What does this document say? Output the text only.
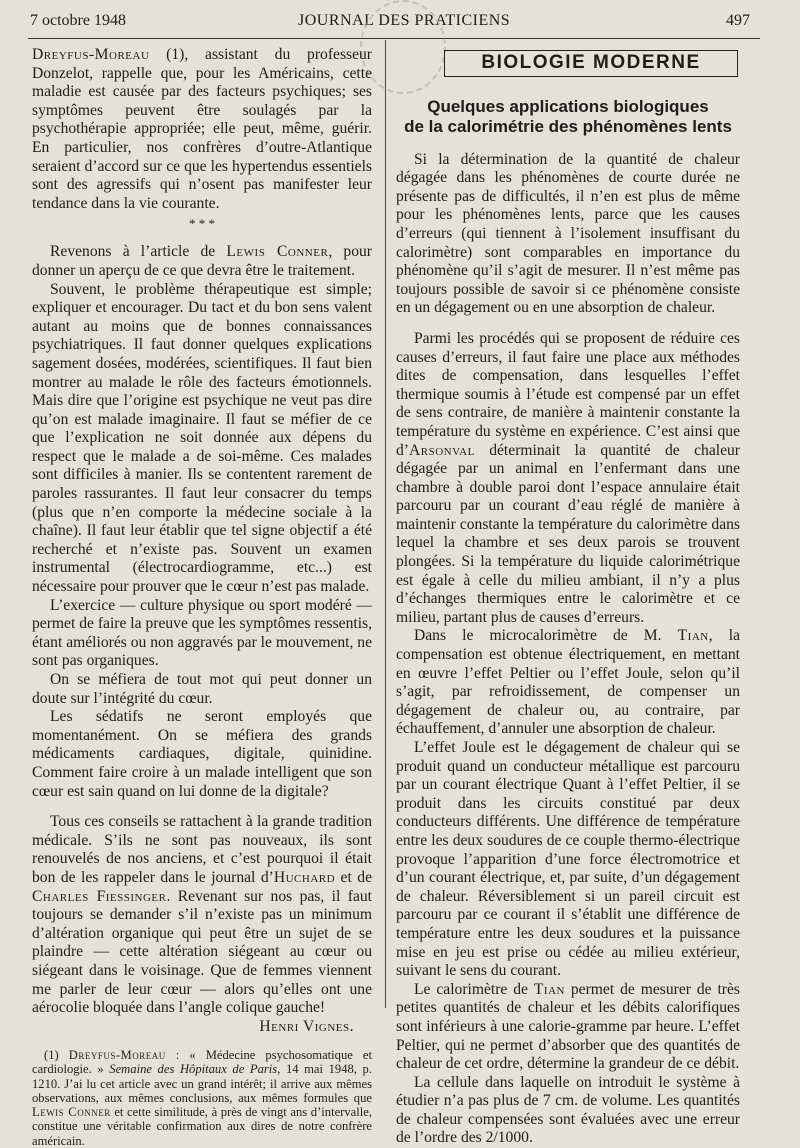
7 octobre 1948	JOURNAL DES PRATICIENS	497

Dreyfus-Moreau (1), assistant du professeur Donzelot, rappelle que, pour les Américains, cette maladie est causée par des facteurs psychiques; ses symptômes peuvent être soulagés par la psychothérapie appropriée; elle peut, même, guérir. En particulier, nos confrères d’outre-Atlantique seraient d’accord sur ce que les hypertendus essentiels sont des agressifs qui n’osent pas manifester leur tendance dans la vie courante.

* * *

Revenons à l’article de Lewis Conner, pour donner un aperçu de ce que devra être le traitement.

Souvent, le problème thérapeutique est simple; expliquer et encourager. Du tact et du bon sens valent autant au moins que de bonnes connaissances psychiatriques. Il faut donner quelques explications sagement dosées, modérées, scientifiques. Il faut bien montrer au malade le rôle des facteurs émotionnels. Mais dire que l’origine est psychique ne veut pas dire qu’on est malade imaginaire. Il faut se méfier de ce que l’explication ne soit donnée aux dépens du respect que le malade a de soi-même. Ces malades sont difficiles à manier. Ils se contentent rarement de paroles rassurantes. Il faut leur consacrer du temps (plus que n’en comporte la médecine sociale à la chaîne). Il faut leur établir que tel signe objectif a été recherché et n’existe pas. Souvent un examen instrumental (électrocardiogramme, etc...) est nécessaire pour prouver que le cœur n’est pas malade.

L’exercice — culture physique ou sport modéré — permet de faire la preuve que les symptômes ressentis, étant améliorés ou non aggravés par le mouvement, ne sont pas organiques.

On se méfiera de tout mot qui peut donner un doute sur l’intégrité du cœur.

Les sédatifs ne seront employés que momentanément. On se méfiera des grands médicaments cardiaques, digitale, quinidine. Comment faire croire à un malade intelligent que son cœur est sain quand on lui donne de la digitale?

Tous ces conseils se rattachent à la grande tradition médicale. S’ils ne sont pas nouveaux, ils sont renouvelés de nos anciens, et c’est pourquoi il était bon de les rappeler dans le journal d’Huchard et de Charles Fiessinger. Revenant sur nos pas, il faut toujours se demander s’il n’existe pas un minimum d’altération organique qui peut être un sujet de se plaindre — cette altération siégeant au cœur ou siégeant dans le voisinage. Que de femmes viennent me parler de leur cœur — alors qu’elles ont une aérocolie bloquée dans l’angle colique gauche!

Henri Vignes.

(1) Dreyfus-Moreau : « Médecine psychosomatique et cardiologie. » Semaine des Hôpitaux de Paris, 14 mai 1948, p. 1210. J’ai lu cet article avec un grand intérêt; il arrive aux mêmes observations, aux mêmes conclusions, aux mêmes formules que Lewis Conner et cette similitude, à près de vingt ans d’intervalle, constitue une véritable confirmation aux dires de notre confrère américain.

BIOLOGIE MODERNE
Quelques applications biologiques
de la calorimétrie des phénomènes lents

Si la détermination de la quantité de chaleur dégagée dans les phénomènes de courte durée ne présente pas de difficultés, il n’en est plus de même pour les phénomènes lents, parce que les causes d’erreurs (qui tiennent à l’isolement insuffisant du calorimètre) sont comparables en importance du phénomène qu’il s’agit de mesurer. Il n’est même pas toujours possible de savoir si ce phénomène consiste en un dégagement ou en une absorption de chaleur.

Parmi les procédés qui se proposent de réduire ces causes d’erreurs, il faut faire une place aux méthodes dites de compensation, dans lesquelles l’effet thermique soumis à l’étude est compensé par un effet de sens contraire, de manière à maintenir constante la température du système en expérience. C’est ainsi que d’Arsonval déterminait la quantité de chaleur dégagée par un animal en l’enfermant dans une chambre à double paroi dont l’espace annulaire était parcouru par un courant d’eau réglé de manière à maintenir constante la température du calorimètre dans lequel la chambre et ses deux parois se trouvent plongées. Si la température du liquide calorimétrique est égale à celle du milieu ambiant, il n’y a plus d’échanges thermiques entre le calorimètre et ce milieu, partant plus de causes d’erreurs.

Dans le microcalorimètre de M. Tian, la compensation est obtenue électriquement, en mettant en œuvre l’effet Peltier ou l’effet Joule, selon qu’il s’agit, par refroidissement, de compenser un dégagement de chaleur ou, au contraire, par échauffement, d’annuler une absorption de chaleur.

L’effet Joule est le dégagement de chaleur qui se produit quand un conducteur métallique est parcouru par un courant électrique Quant à l’effet Peltier, il se produit dans les circuits constitué par deux conducteurs différents. Une différence de température entre les deux soudures de ce couple thermo-électrique provoque l’apparition d’une force électromotrice et d’un courant électrique, et, par suite, d’un dégagement de chaleur. Réversiblement si un pareil circuit est parcouru par ce courant il s’établit une différence de température entre les deux soudures et la puissance mise en jeu est prise ou cédée au milieu extérieur, suivant le sens du courant.

Le calorimètre de Tian permet de mesurer de très petites quantités de chaleur et les débits calorifiques sont inférieurs à une calorie-gramme par heure. L’effet Peltier, qui ne permet d’absorber que des quantités de chaleur de cet ordre, détermine la grandeur de ce débit.

La cellule dans laquelle on introduit le système à étudier n’a pas plus de 7 cm. de volume. Les quantités de chaleur compensées sont évaluées avec une erreur de l’ordre des 2/1000.
